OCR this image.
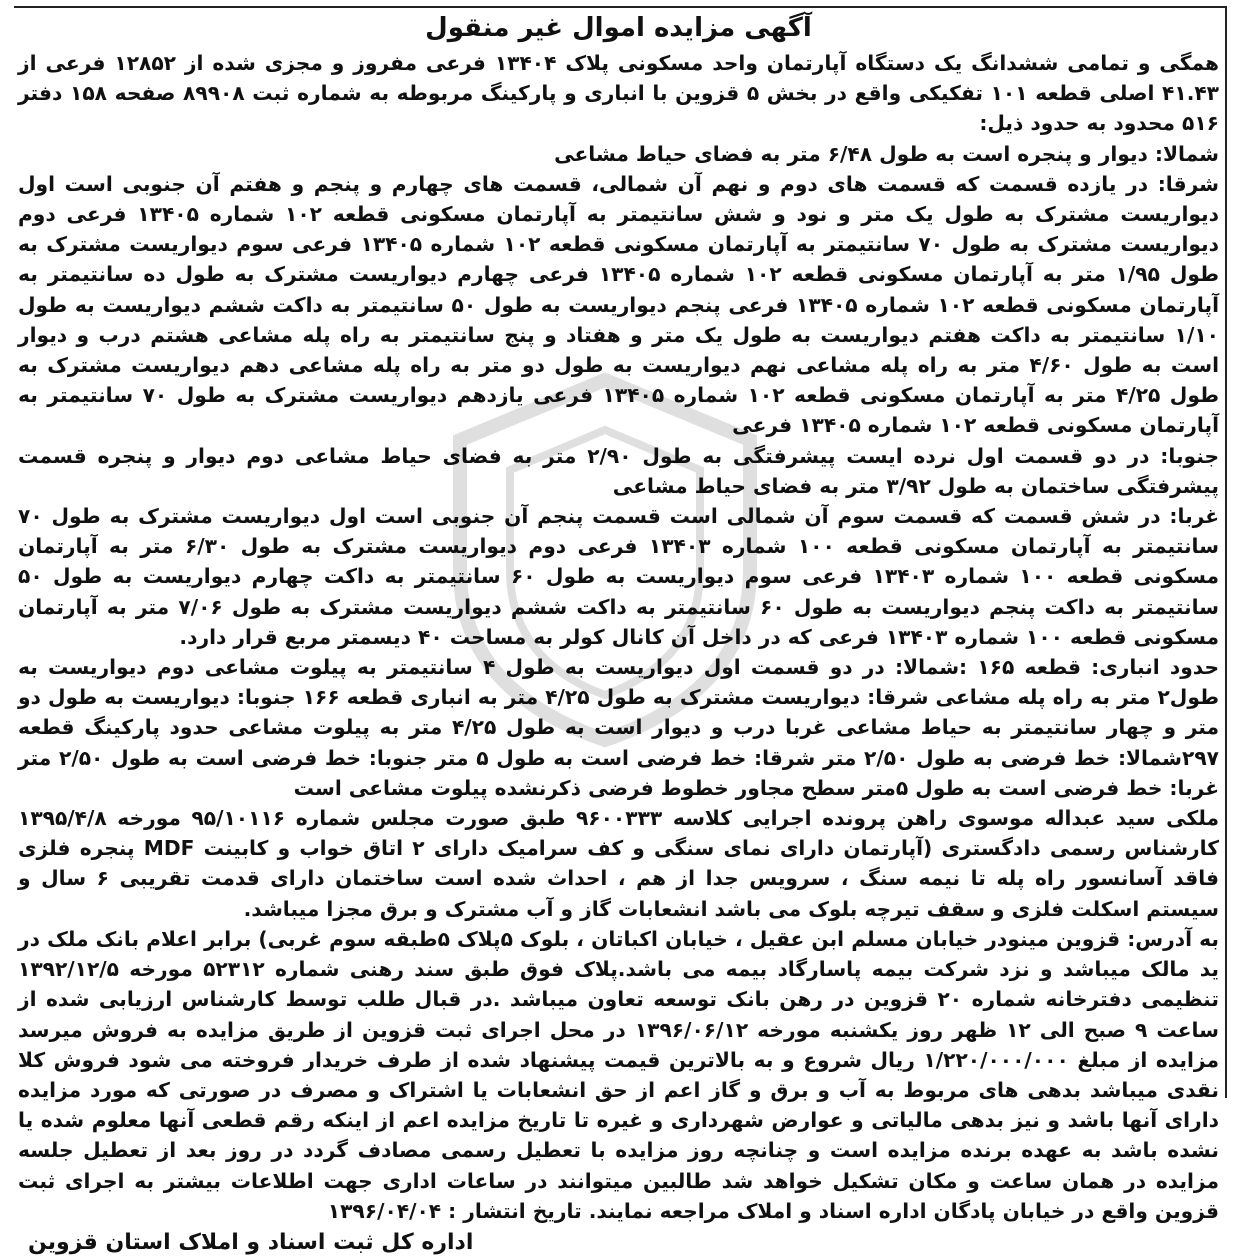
آگهی مزایده اموال غیر منقول

همگی و تمامی ششدانگ یک دستگاه آپارتمان واحد مسکونی پلاک ۱۳۴۰۴ فرعی مفروز و مجزی شده از ۱۲۸۵۲ فرعی از ۴۱.۴۳ اصلی قطعه ۱۰۱ تفکیکی واقع در بخش ۵ قزوین با انباری و پارکینگ مربوطه به شماره ثبت ۸۹۹۰۸ صفحه ۱۵۸ دفتر ۵۱۶ محدود به حدود ذیل:

شمالا: دیوار و پنجره است به طول ۶/۴۸ متر به فضای حیاط مشاعی

شرقا: در یازده قسمت که قسمت های دوم و نهم آن شمالی، قسمت های چهارم و پنجم و هفتم آن جنوبی است اول دیواریست مشترک به طول یک متر و نود و شش سانتیمتر به آپارتمان مسکونی قطعه ۱۰۲ شماره ۱۳۴۰۵ فرعی دوم دیواریست مشترک به طول ۷۰ سانتیمتر به آپارتمان مسکونی قطعه ۱۰۲ شماره ۱۳۴۰۵ فرعی سوم دیواریست مشترک به طول ۱/۹۵ متر به آپارتمان مسکونی قطعه ۱۰۲ شماره ۱۳۴۰۵ فرعی چهارم دیواریست مشترک به طول ده سانتیمتر به آپارتمان مسکونی قطعه ۱۰۲ شماره ۱۳۴۰۵ فرعی پنجم دیواریست به طول ۵۰ سانتیمتر به داکت ششم دیواریست به طول ۱/۱۰ سانتیمتر به داکت هفتم دیواریست به طول یک متر و هفتاد و پنج سانتیمتر به راه پله مشاعی هشتم درب و دیوار است به طول ۴/۶۰ متر به راه پله مشاعی نهم دیواریست به طول دو متر به راه پله مشاعی دهم دیواریست مشترک به طول ۴/۲۵ متر به آپارتمان مسکونی قطعه ۱۰۲ شماره ۱۳۴۰۵ فرعی یازدهم دیواریست مشترک به طول ۷۰ سانتیمتر به آپارتمان مسکونی قطعه ۱۰۲ شماره ۱۳۴۰۵ فرعی

جنوبا: در دو قسمت اول نرده ایست پیشرفتگی به طول ۲/۹۰ متر به فضای حیاط مشاعی دوم دیوار و پنجره قسمت پیشرفتگی ساختمان به طول ۳/۹۲ متر به فضای حیاط مشاعی

غربا: در شش قسمت که قسمت سوم آن شمالی است قسمت پنجم آن جنوبی است اول دیواریست مشترک به طول ۷۰ سانتیمتر به آپارتمان مسکونی قطعه ۱۰۰ شماره ۱۳۴۰۳ فرعی دوم دیواریست مشترک به طول ۶/۳۰ متر به آپارتمان مسکونی قطعه ۱۰۰ شماره ۱۳۴۰۳ فرعی سوم دیواریست به طول ۶۰ سانتیمتر به داکت چهارم دیواریست به طول ۵۰ سانتیمتر به داکت پنجم دیواریست به طول ۶۰ سانتیمتر به داکت ششم دیواریست مشترک به طول ۷/۰۶ متر به آپارتمان مسکونی قطعه ۱۰۰ شماره ۱۳۴۰۳ فرعی که در داخل آن کانال کولر به مساحت ۴۰ دیسمتر مربع قرار دارد.

حدود انباری: قطعه ۱۶۵ :شمالا: در دو قسمت اول دیواریست به طول ۴ سانتیمتر به پیلوت مشاعی دوم دیواریست به طول۲ متر به راه پله مشاعی شرقا: دیواریست مشترک به طول ۴/۲۵ متر به انباری قطعه ۱۶۶ جنوبا: دیواریست به طول دو متر و چهار سانتیمتر به حیاط مشاعی غربا درب و دیوار است به طول ۴/۲۵ متر به پیلوت مشاعی حدود پارکینگ قطعه ۲۹۷شمالا: خط فرضی به طول ۲/۵۰ متر شرقا: خط فرضی است به طول ۵ متر جنوبا: خط فرضی است به طول ۲/۵۰ متر غربا: خط فرضی است به طول ۵متر سطح مجاور خطوط فرضی ذکرنشده پیلوت مشاعی است

ملکی سید عبداله موسوی راهن پرونده اجرایی کلاسه ۹۶۰۰۳۳۳ طبق صورت مجلس شماره ۹۵/۱۰۱۱۶ مورخه ۱۳۹۵/۴/۸ کارشناس رسمی دادگستری (آپارتمان دارای نمای سنگی و کف سرامیک دارای ۲ اتاق خواب و کابینت MDF پنجره فلزی فاقد آسانسور راه پله تا نیمه سنگ ، سرویس جدا از هم ، احداث شده است ساختمان دارای قدمت تقریبی ۶ سال و سیستم اسکلت فلزی و سقف تیرچه بلوک می باشد انشعابات گاز و آب مشترک و برق مجزا میباشد.

به آدرس: قزوین مینودر خیابان مسلم ابن عقیل ، خیابان اکباتان ، بلوک ۵پلاک ۵طبقه سوم غربی) برابر اعلام بانک ملک در ید مالک میباشد و نزد شرکت بیمه پاسارگاد بیمه می باشد.پلاک فوق طبق سند رهنی شماره ۵۲۳۱۲ مورخه ۱۳۹۲/۱۲/۵ تنظیمی دفترخانه شماره ۲۰ قزوین در رهن بانک توسعه تعاون میباشد .در قبال طلب توسط کارشناس ارزیابی شده از ساعت ۹ صبح الی ۱۲ ظهر روز یکشنبه مورخه ۱۳۹۶/۰۶/۱۲ در محل اجرای ثبت قزوین از طریق مزایده به فروش میرسد مزایده از مبلغ ۱/۲۲۰/۰۰۰/۰۰۰ ریال شروع و به بالاترین قیمت پیشنهاد شده از طرف خریدار فروخته می شود فروش کلا نقدی میباشد بدهی های مربوط به آب و برق و گاز اعم از حق انشعابات یا اشتراک و مصرف در صورتی که مورد مزایده دارای آنها باشد و نیز بدهی مالیاتی و عوارض شهرداری و غیره تا تاریخ مزایده اعم از اینکه رقم قطعی آنها معلوم شده یا نشده باشد به عهده برنده مزایده است و چنانچه روز مزایده با تعطیل رسمی مصادف گردد در روز بعد از تعطیل جلسه مزایده در همان ساعت و مکان تشکیل خواهد شد طالبین میتوانند در ساعات اداری جهت اطلاعات بیشتر به اجرای ثبت قزوین واقع در خیابان پادگان اداره اسناد و املاک مراجعه نمایند. تاریخ انتشار : ۱۳۹۶/۰۴/۰۴

اداره کل ثبت اسناد و املاک استان قزوین
